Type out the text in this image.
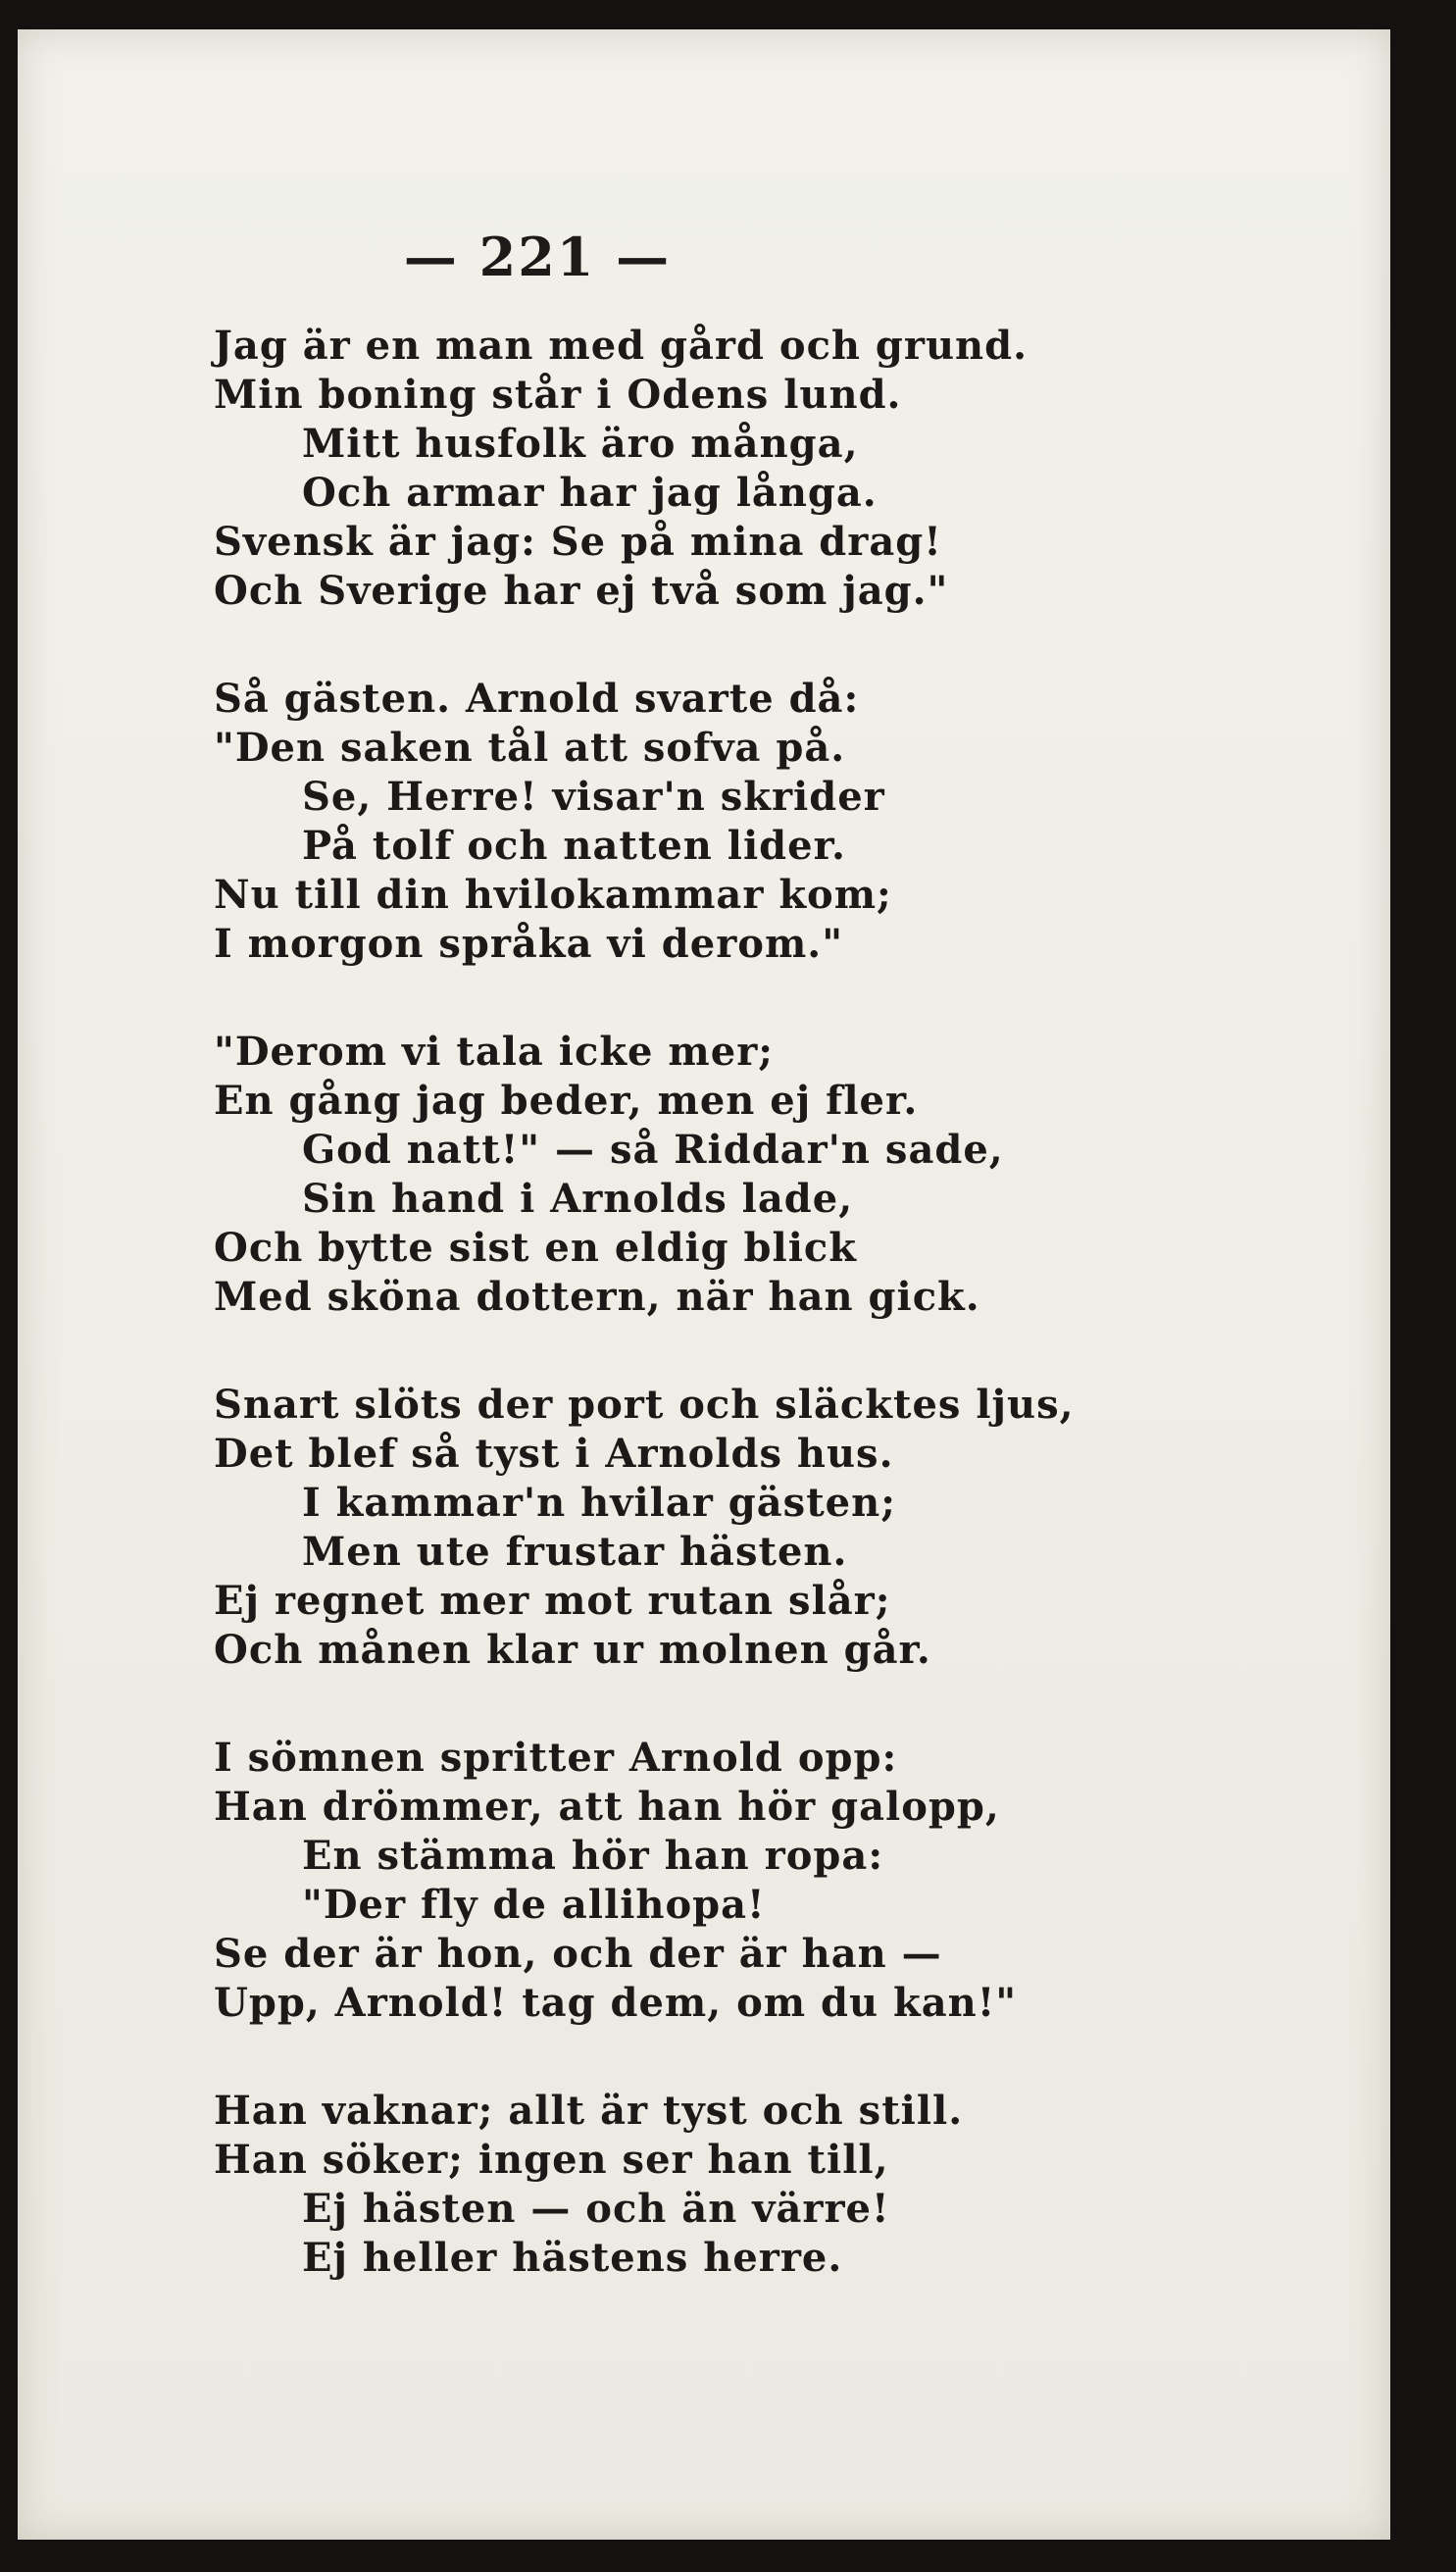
— 221 —
Jag är en man med gård och grund.
Min boning står i Odens lund.
Mitt husfolk äro många,
Och armar har jag långa.
Svensk är jag: Se på mina drag!
Och Sverige har ej två som jag."
Så gästen. Arnold svarte då:
"Den saken tål att sofva på.
Se, Herre! visar'n skrider
På tolf och natten lider.
Nu till din hvilokammar kom;
I morgon språka vi derom."
"Derom vi tala icke mer;
En gång jag beder, men ej fler.
God natt!" — så Riddar'n sade,
Sin hand i Arnolds lade,
Och bytte sist en eldig blick
Med sköna dottern, när han gick.
Snart slöts der port och släcktes ljus,
Det blef så tyst i Arnolds hus.
I kammar'n hvilar gästen;
Men ute frustar hästen.
Ej regnet mer mot rutan slår;
Och månen klar ur molnen går.
I sömnen spritter Arnold opp:
Han drömmer, att han hör galopp,
En stämma hör han ropa:
"Der fly de allihopa!
Se der är hon, och der är han —
Upp, Arnold! tag dem, om du kan!"
Han vaknar; allt är tyst och still.
Han söker; ingen ser han till,
Ej hästen — och än värre!
Ej heller hästens herre.
